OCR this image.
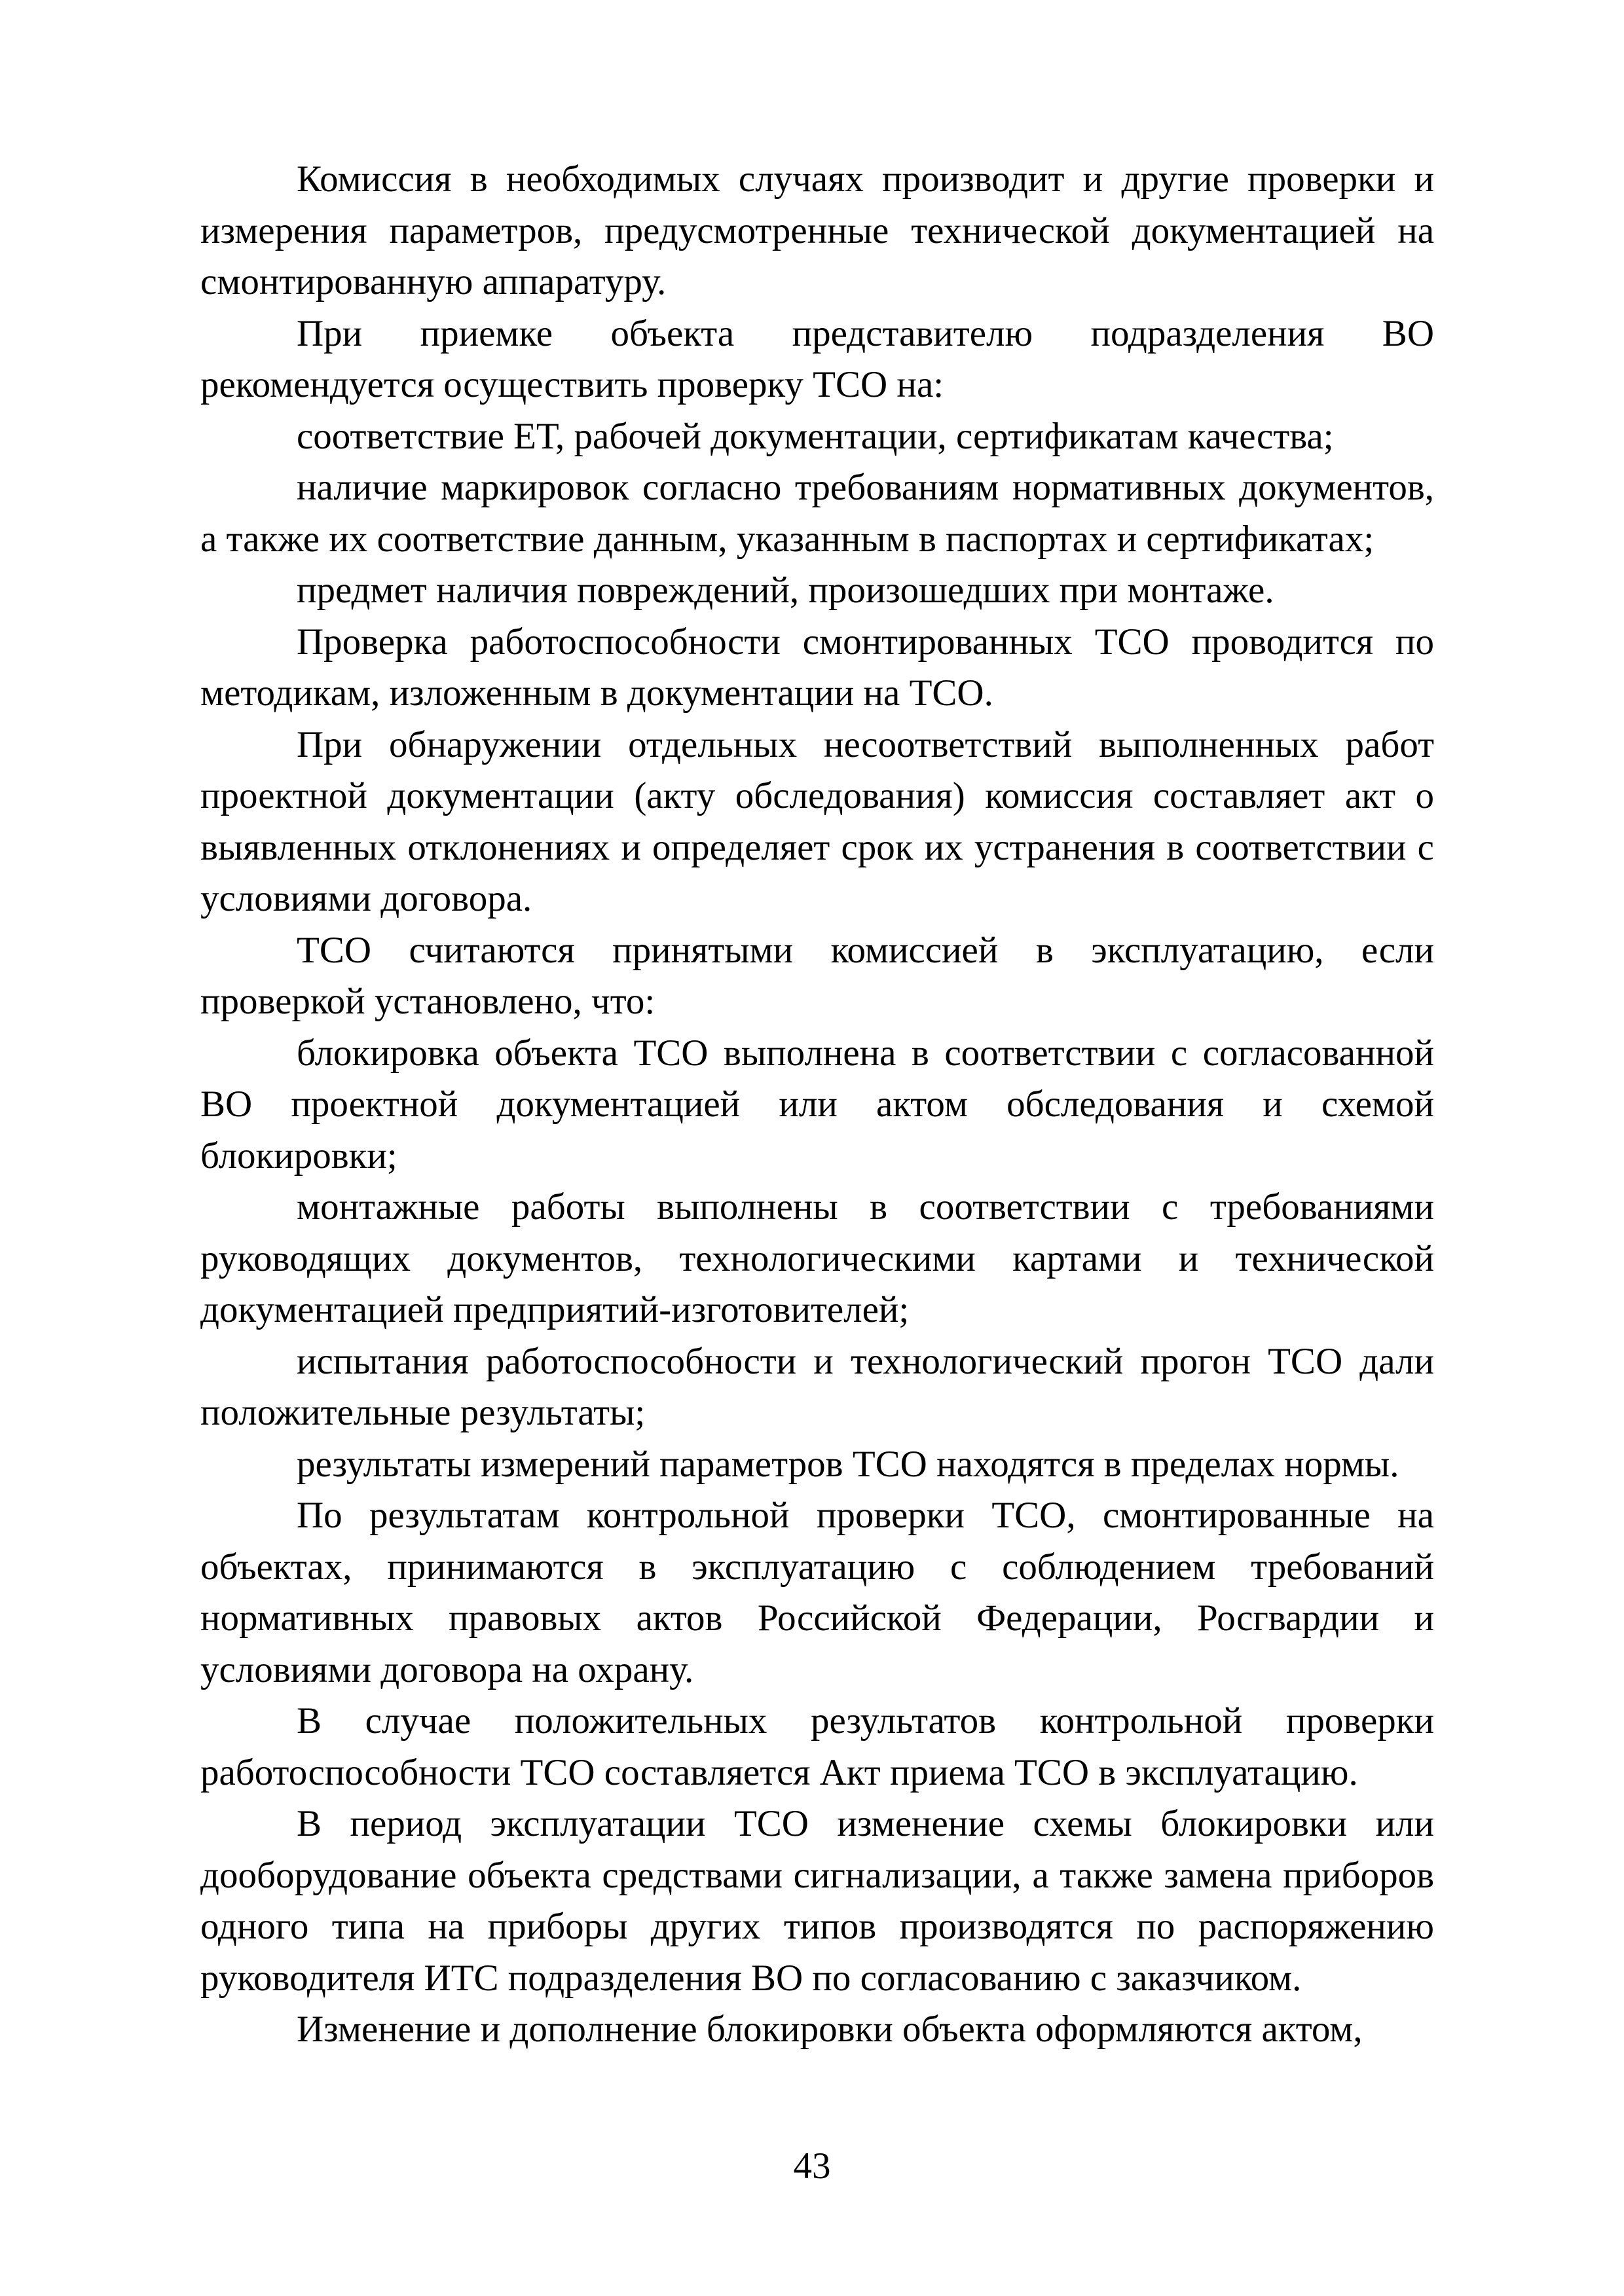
Комиссия в необходимых случаях производит и другие проверки и измерения параметров, предусмотренные технической документацией на смонтированную аппаратуру.

При приемке объекта представителю подразделения ВО рекомендуется осуществить проверку ТСО на:

соответствие ЕТ, рабочей документации, сертификатам качества;

наличие маркировок согласно требованиям нормативных документов, а также их соответствие данным, указанным в паспортах и сертификатах;

предмет наличия повреждений, произошедших при монтаже.

Проверка работоспособности смонтированных ТСО проводится по методикам, изложенным в документации на ТСО.

При обнаружении отдельных несоответствий выполненных работ проектной документации (акту обследования) комиссия составляет акт о выявленных отклонениях и определяет срок их устранения в соответствии с условиями договора.

ТСО считаются принятыми комиссией в эксплуатацию, если проверкой установлено, что:

блокировка объекта ТСО выполнена в соответствии с согласованной ВО проектной документацией или актом обследования и схемой блокировки;

монтажные работы выполнены в соответствии с требованиями руководящих документов, технологическими картами и технической документацией предприятий-изготовителей;

испытания работоспособности и технологический прогон ТСО дали положительные результаты;

результаты измерений параметров ТСО находятся в пределах нормы.

По результатам контрольной проверки ТСО, смонтированные на объектах, принимаются в эксплуатацию с соблюдением требований нормативных правовых актов Российской Федерации, Росгвардии и условиями договора на охрану.

В случае положительных результатов контрольной проверки работоспособности ТСО составляется Акт приема ТСО в эксплуатацию.

В период эксплуатации ТСО изменение схемы блокировки или дооборудование объекта средствами сигнализации, а также замена приборов одного типа на приборы других типов производятся по распоряжению руководителя ИТС подразделения ВО по согласованию с заказчиком.

Изменение и дополнение блокировки объекта оформляются актом,

43
